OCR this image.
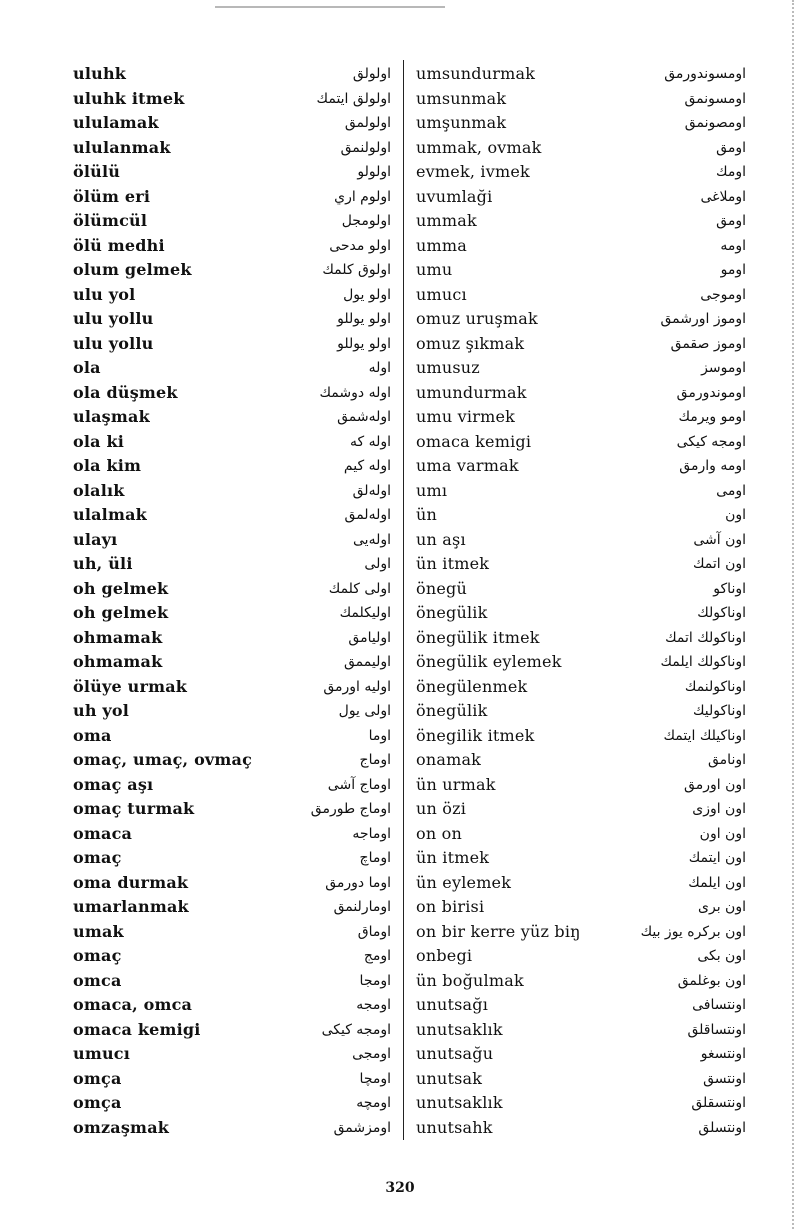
uluhk	اولولق
uluhk itmek	اولولق ايتمك
ululamak	اولولمق
ululanmak	اولولنمق
ölülü	اولولو
ölüm eri	اولوم اري
ölümcül	اولومجل
ölü medhi	اولو مدحى
olum gelmek	اولوق كلمك
ulu yol	اولو يول
ulu yollu	اولو يوللو
ulu yollu	اولو يوللو
ola	اوله
ola düşmek	اوله دوشمك
ulaşmak	اولەشمق
ola ki	اوله كه
ola kim	اوله كيم
olalık	اولەلق
ulalmak	اولەلمق
ulayı	اولەيى
uh, üli	اولى
oh gelmek	اولى كلمك
oh gelmek	اوليكلمك
ohmamak	اوليامق
ohmamak	اوليممق
ölüye urmak	اوليه اورمق
uh yol	اولى يول
oma	اوما
omaç, umaç, ovmaç	اوماج
omaç aşı	اوماج آشى
omaç turmak	اوماج طورمق
omaca	اوماجه
omaç	اوماچ
oma durmak	اوما دورمق
umarlanmak	اومارلنمق
umak	اوماق
omaç	اومج
omca	اومجا
omaca, omca	اومجه
omaca kemigi	اومجه كيكى
umucı	اومجى
omça	اومچا
omça	اومچه
omzaşmak	اومزشمق
umsundurmak	اومسوندورمق
umsunmak	اومسونمق
umşunmak	اومصونمق
ummak, ovmak	اومق
evmek, ivmek	اومك
uvumlaği	اوملاغى
ummak	اومق
umma	اومه
umu	اومو
umucı	اوموجى
omuz uruşmak	اوموز اورشمق
omuz şıkmak	اوموز صقمق
umusuz	اوموسز
umundurmak	اوموندورمق
umu virmek	اومو ويرمك
omaca kemigi	اومجه كيكى
uma varmak	اومه وارمق
umı	اومى
ün	اون
un aşı	اون آشى
ün itmek	اون اتمك
önegü	اوناكو
önegülik	اوناكولك
önegülik itmek	اوناكولك اتمك
önegülik eylemek	اوناكولك ايلمك
önegülenmek	اوناكولنمك
önegülik	اوناكوليك
önegilik itmek	اوناكيلك ايتمك
onamak	اونامق
ün urmak	اون اورمق
un özi	اون اوزى
on on	اون اون
ün itmek	اون ايتمك
ün eylemek	اون ايلمك
on birisi	اون برى
on bir kerre yüz biŋ	اون بركره يوز بيك
onbegi	اون بكى
ün boğulmak	اون بوغلمق
unutsağı	اونتسافى
unutsaklık	اونتساقلق
unutsağu	اونتسغو
unutsak	اونتسق
unutsaklık	اونتسقلق
unutsahk	اونتسلق
320
